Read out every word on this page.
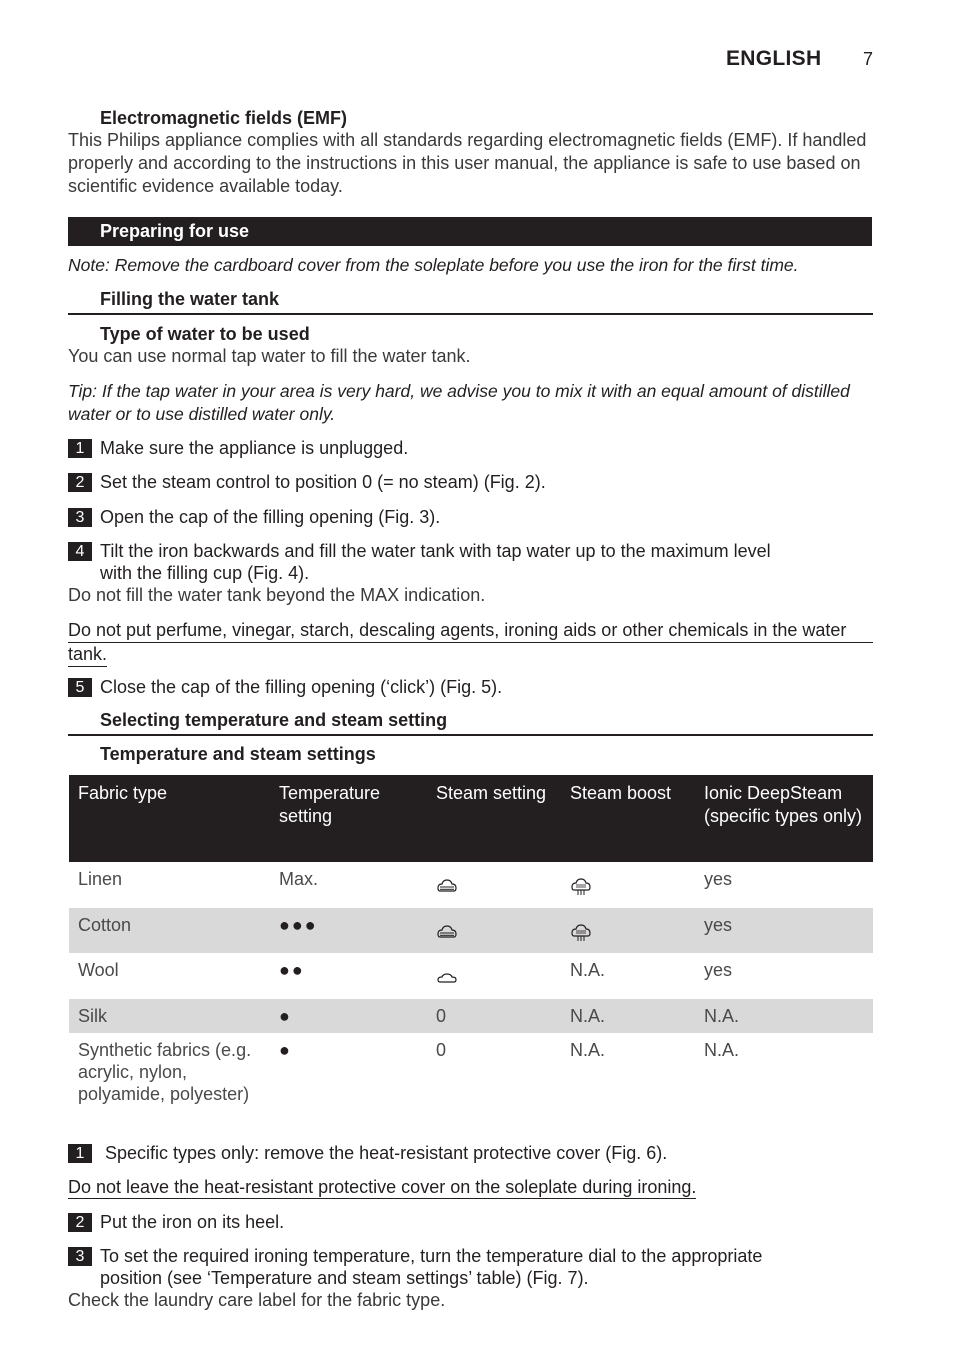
ENGLISH 7
Electromagnetic fields (EMF)
This Philips appliance complies with all standards regarding electromagnetic fields (EMF). If handled
properly and according to the instructions in this user manual, the appliance is safe to use based on
scientific evidence available today.
Preparing for use
Note: Remove the cardboard cover from the soleplate before you use the iron for the first time.
Filling the water tank
Type of water to be used
You can use normal tap water to fill the water tank.
Tip: If the tap water in your area is very hard, we advise you to mix it with an equal amount of distilled
water or to use distilled water only.
1 Make sure the appliance is unplugged.
2 Set the steam control to position 0 (= no steam) (Fig. 2).
3 Open the cap of the filling opening (Fig. 3).
4 Tilt the iron backwards and fill the water tank with tap water up to the maximum level
with the filling cup (Fig. 4).
Do not fill the water tank beyond the MAX indication.
Do not put perfume, vinegar, starch, descaling agents, ironing aids or other chemicals in the water
tank.
5 Close the cap of the filling opening (‘click’) (Fig. 5).
Selecting temperature and steam setting
Temperature and steam settings
Fabric type	Temperature setting	Steam setting	Steam boost	Ionic DeepSteam (specific types only)
Linen	Max.			yes
Cotton	●●●			yes
Wool	●●		N.A.	yes
Silk	●	0	N.A.	N.A.

Synthetic fabrics (e.g.
acrylic, nylon,
polyamide, polyester)	●	0	N.A.	N.A.
1	Specific types only: remove the heat-resistant protective cover (Fig. 6).
Do not leave the heat-resistant protective cover on the soleplate during ironing.
2 Put the iron on its heel.
3 To set the required ironing temperature, turn the temperature dial to the appropriate
position (see ‘Temperature and steam settings’ table) (Fig. 7).
Check the laundry care label for the fabric type.
